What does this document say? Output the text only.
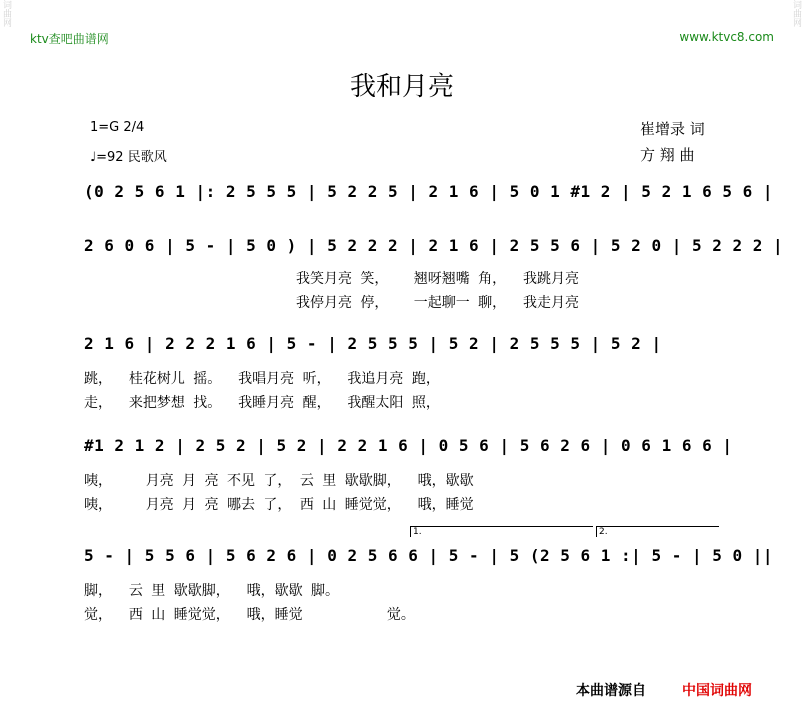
词曲网	词曲网
ktv查吧曲谱网	www.ktvc8.com
我和月亮
1=G 2/4
♩=92 民歌风
崔增录 词
方 翔 曲
(0 2 5 6 1 |: 2 5 5 5 | 5 2 2 5 | 2 1 6 | 5 0 1 #1 2 | 5 2 1 6 5 6 |
2 6 0 6 | 5 - | 5 0 ) | 5 2 2 2 | 2 1 6 | 2 5 5 6 | 5 2 0 | 5 2 2 2 |
我笑月亮 笑，   翘呀翘嘴 角，  我跳月亮
我停月亮 停，   一起聊一 聊，  我走月亮
2 1 6 | 2 2 2 1 6 | 5 - | 2 5 5 5 | 5 2 | 2 5 5 5 | 5 2 |
跳，  桂花树儿 摇。  我唱月亮 听，  我追月亮 跑，
走，  来把梦想 找。  我睡月亮 醒，  我醒太阳 照，
#1 2 1 2 | 2 5 2 | 5 2 | 2 2 1 6 | 0 5 6 | 5 6 2 6 | 0 6 1 6 6 |
咦，    月亮 月 亮 不见 了， 云 里 歇歇脚，  哦，歇歇
咦，    月亮 月 亮 哪去 了， 西 山 睡觉觉，  哦，睡觉
1.	2.
5 - | 5 5 6 | 5 6 2 6 | 0 2 5 6 6 | 5 - | 5 (2 5 6 1 :| 5 - | 5 0 ||
脚，  云 里 歇歇脚，  哦，歇歇 脚。
觉，  西 山 睡觉觉，  哦，睡觉          觉。
本曲谱源自	中国词曲网
